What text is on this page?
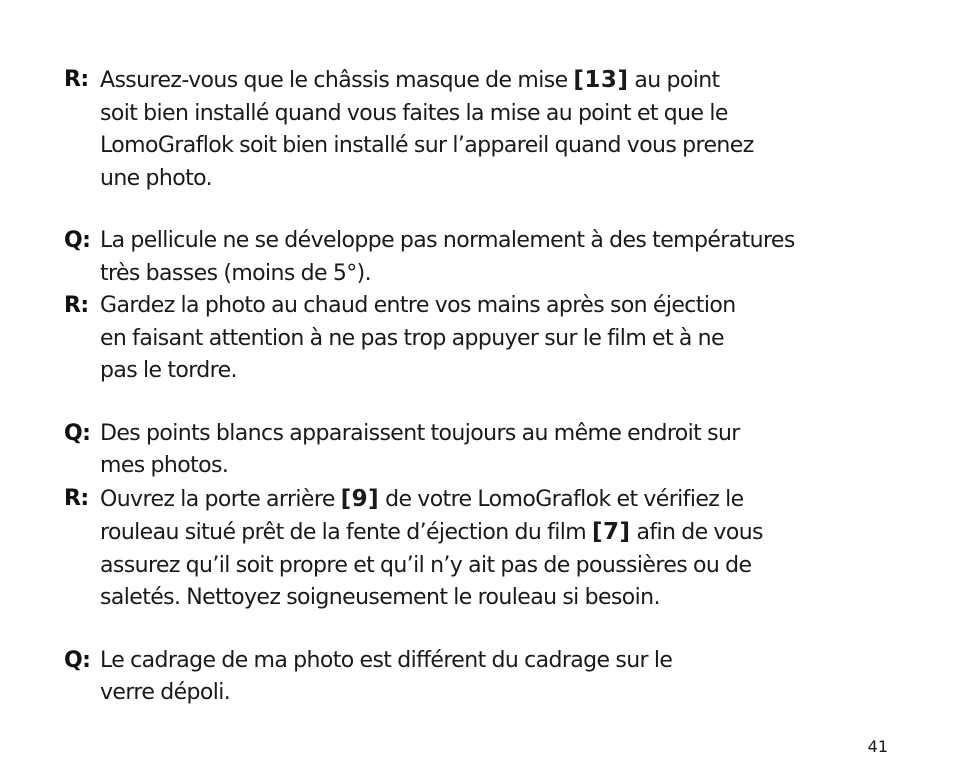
R: Assurez-vous que le châssis masque de mise [13] au point
soit bien installé quand vous faites la mise au point et que le
LomoGraflok soit bien installé sur l’appareil quand vous prenez
une photo.
Q: La pellicule ne se développe pas normalement à des températures
très basses (moins de 5°).
R: Gardez la photo au chaud entre vos mains après son éjection
en faisant attention à ne pas trop appuyer sur le film et à ne
pas le tordre.
Q: Des points blancs apparaissent toujours au même endroit sur
mes photos.
R: Ouvrez la porte arrière [9] de votre LomoGraflok et vérifiez le
rouleau situé prêt de la fente d’éjection du film [7] afin de vous
assurez qu’il soit propre et qu’il n’y ait pas de poussières ou de
saletés. Nettoyez soigneusement le rouleau si besoin.
Q: Le cadrage de ma photo est différent du cadrage sur le
verre dépoli.
41
